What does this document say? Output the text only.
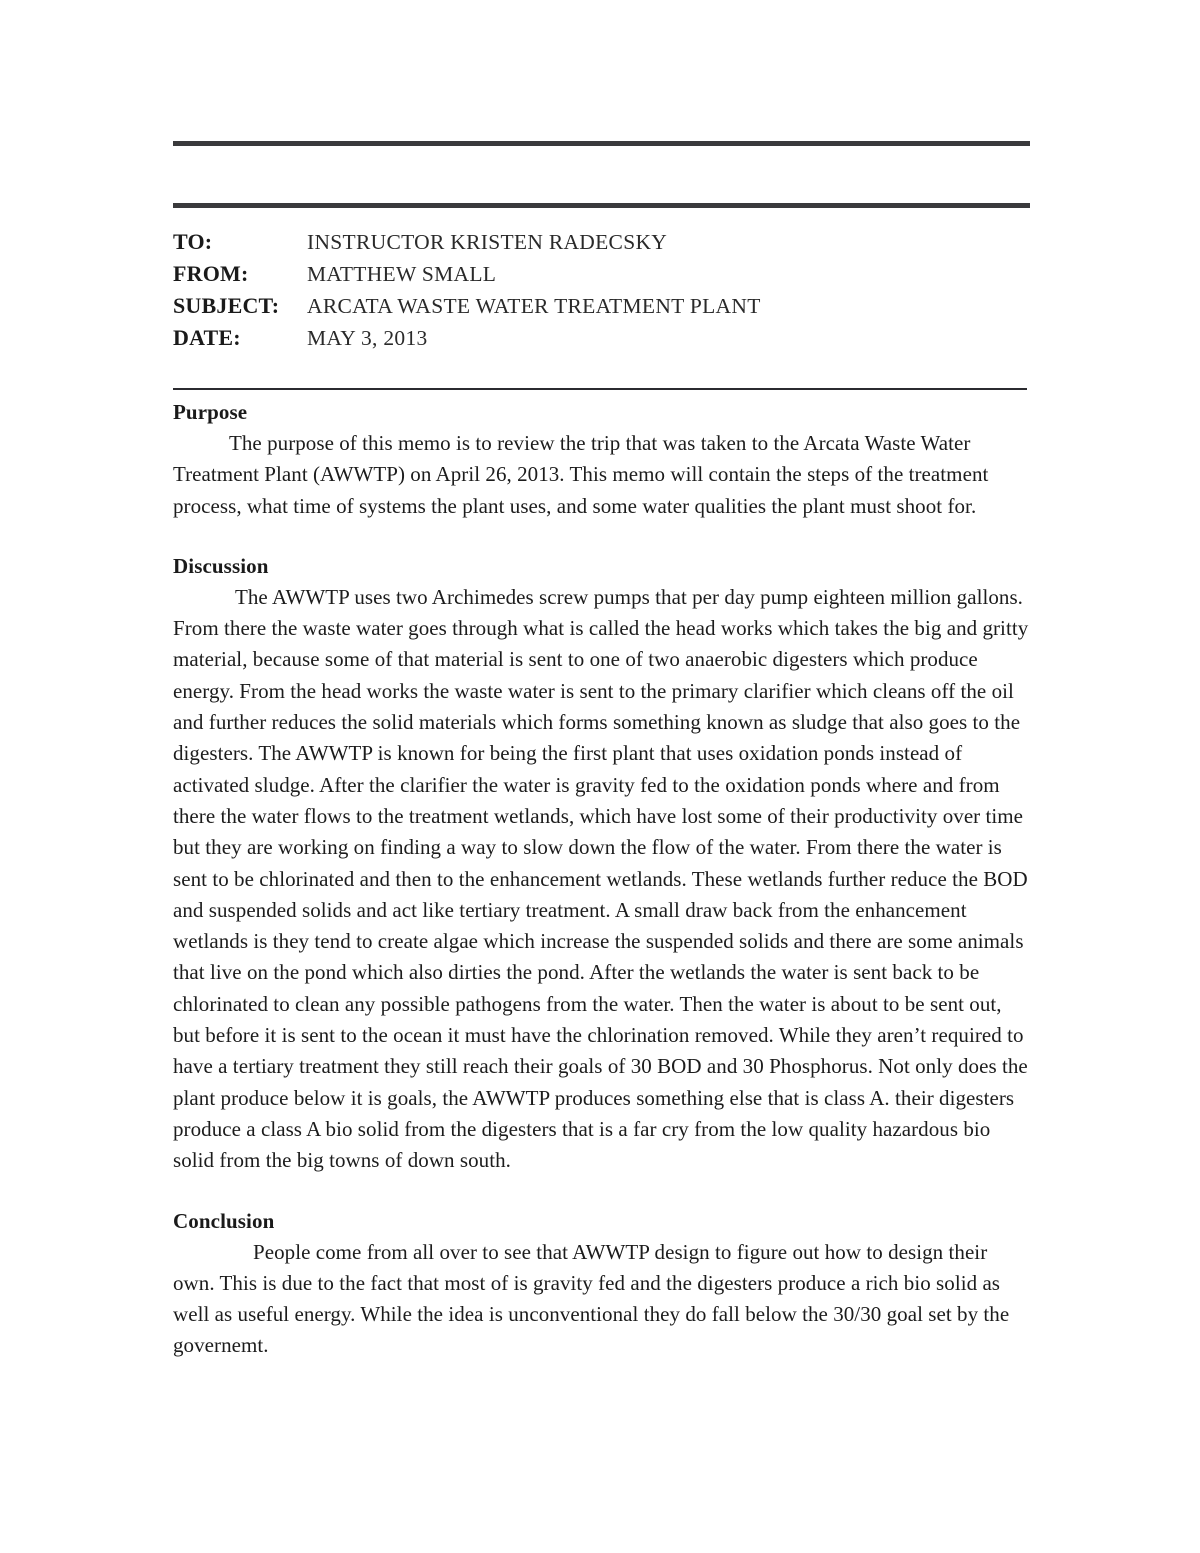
TO:	INSTRUCTOR KRISTEN RADECSKY
FROM:	MATTHEW SMALL
SUBJECT:	ARCATA WASTE WATER TREATMENT PLANT
DATE:	MAY 3, 2013
Purpose

The purpose of this memo is to review the trip that was taken to the Arcata Waste Water Treatment Plant (AWWTP) on April 26, 2013. This memo will contain the steps of the treatment process, what time of systems the plant uses, and some water qualities the plant must shoot for.

Discussion

The AWWTP uses two Archimedes screw pumps that per day pump eighteen million gallons. From there the waste water goes through what is called the head works which takes the big and gritty material, because some of that material is sent to one of two anaerobic digesters which produce energy. From the head works the waste water is sent to the primary clarifier which cleans off the oil and further reduces the solid materials which forms something known as sludge that also goes to the digesters. The AWWTP is known for being the first plant that uses oxidation ponds instead of activated sludge. After the clarifier the water is gravity fed to the oxidation ponds where and from there the water flows to the treatment wetlands, which have lost some of their productivity over time but they are working on finding a way to slow down the flow of the water. From there the water is sent to be chlorinated and then to the enhancement wetlands. These wetlands further reduce the BOD and suspended solids and act like tertiary treatment. A small draw back from the enhancement wetlands is they tend to create algae which increase the suspended solids and there are some animals that live on the pond which also dirties the pond. After the wetlands the water is sent back to be chlorinated to clean any possible pathogens from the water. Then the water is about to be sent out, but before it is sent to the ocean it must have the chlorination removed. While they aren’t required to have a tertiary treatment they still reach their goals of 30 BOD and 30 Phosphorus. Not only does the plant produce below it is goals, the AWWTP produces something else that is class A. their digesters produce a class A bio solid from the digesters that is a far cry from the low quality hazardous bio solid from the big towns of down south.

Conclusion

People come from all over to see that AWWTP design to figure out how to design their own. This is due to the fact that most of is gravity fed and the digesters produce a rich bio solid as well as useful energy. While the idea is unconventional they do fall below the 30/30 goal set by the governemt.
